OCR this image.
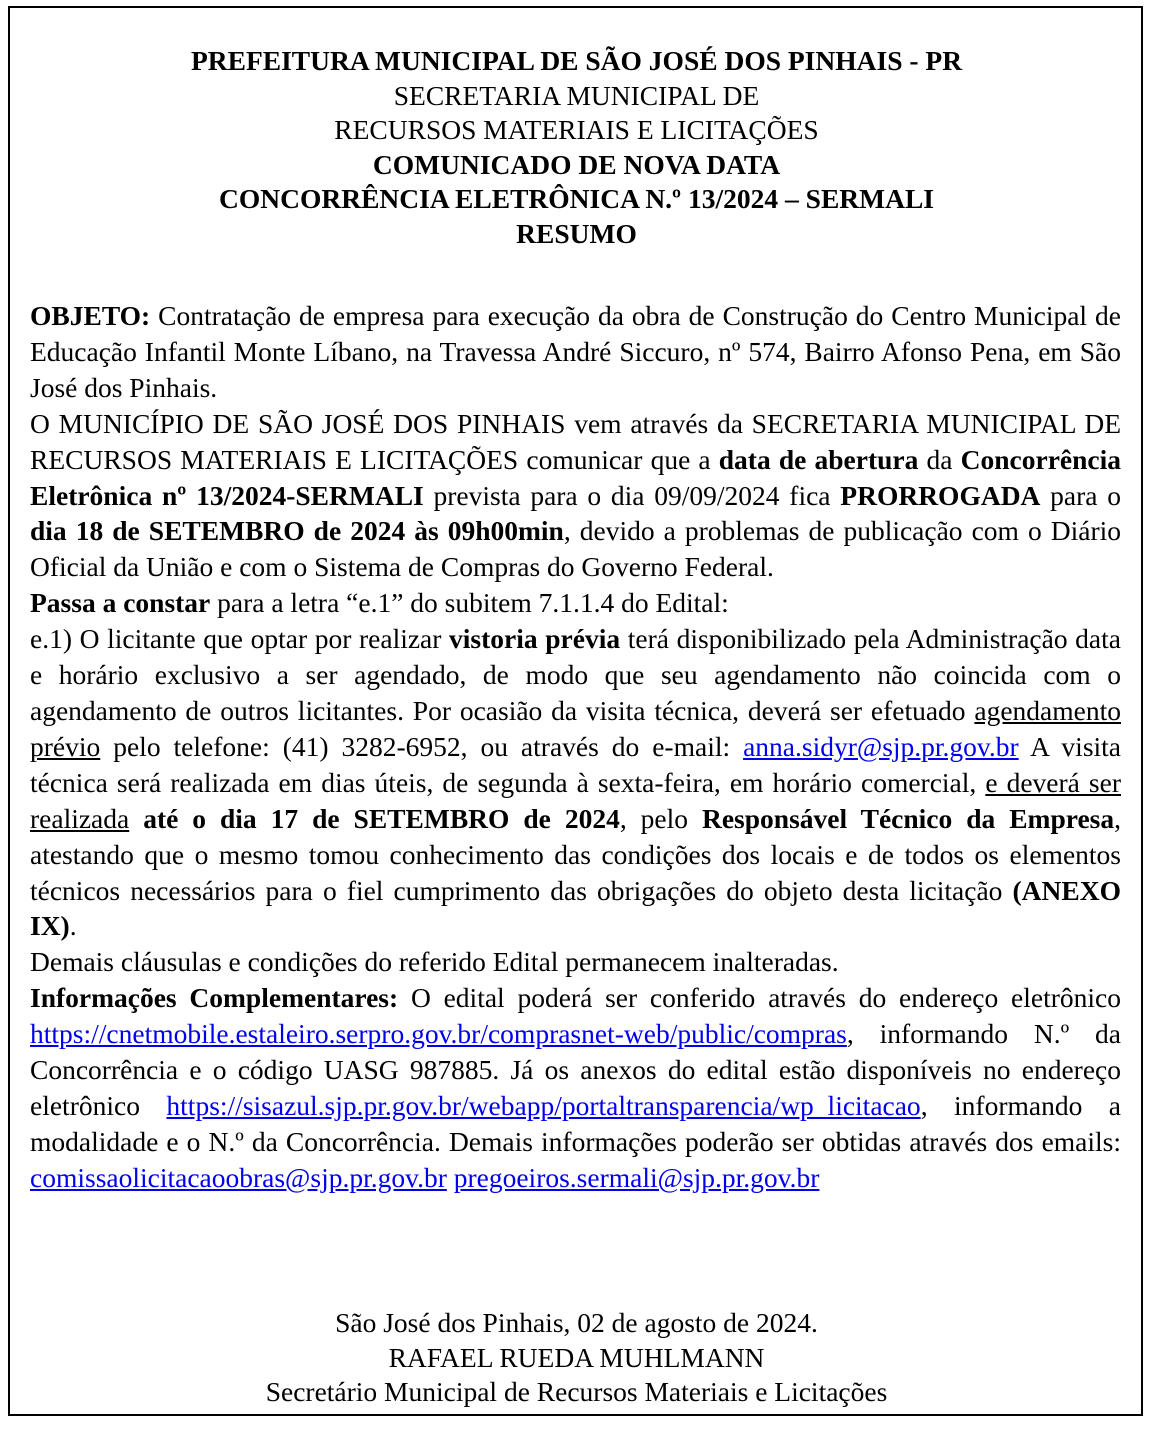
PREFEITURA MUNICIPAL DE SÃO JOSÉ DOS PINHAIS - PR
SECRETARIA MUNICIPAL DE
RECURSOS MATERIAIS E LICITAÇÕES
COMUNICADO DE NOVA DATA
CONCORRÊNCIA ELETRÔNICA N.º 13/2024 – SERMALI
RESUMO

OBJETO: Contratação de empresa para execução da obra de Construção do Centro Municipal de Educação Infantil Monte Líbano, na Travessa André Siccuro, nº 574, Bairro Afonso Pena, em São José dos Pinhais.

O MUNICÍPIO DE SÃO JOSÉ DOS PINHAIS vem através da SECRETARIA MUNICIPAL DE RECURSOS MATERIAIS E LICITAÇÕES comunicar que a data de abertura da Concorrência Eletrônica nº 13/2024-SERMALI prevista para o dia 09/09/2024 fica PRORROGADA para o dia 18 de SETEMBRO de 2024 às 09h00min, devido a problemas de publicação com o Diário Oficial da União e com o Sistema de Compras do Governo Federal.

Passa a constar para a letra “e.1” do subitem 7.1.1.4 do Edital:

e.1) O licitante que optar por realizar vistoria prévia terá disponibilizado pela Administração data e horário exclusivo a ser agendado, de modo que seu agendamento não coincida com o agendamento de outros licitantes. Por ocasião da visita técnica, deverá ser efetuado agendamento prévio pelo telefone: (41) 3282-6952, ou através do e-mail: anna.sidyr@sjp.pr.gov.br A visita técnica será realizada em dias úteis, de segunda à sexta-feira, em horário comercial, e deverá ser realizada até o dia 17 de SETEMBRO de 2024, pelo Responsável Técnico da Empresa, atestando que o mesmo tomou conhecimento das condições dos locais e de todos os elementos técnicos necessários para o fiel cumprimento das obrigações do objeto desta licitação (ANEXO IX).

Demais cláusulas e condições do referido Edital permanecem inalteradas.

Informações Complementares: O edital poderá ser conferido através do endereço eletrônico https://cnetmobile.estaleiro.serpro.gov.br/comprasnet-web/public/compras, informando N.º da Concorrência e o código UASG 987885. Já os anexos do edital estão disponíveis no endereço eletrônico https://sisazul.sjp.pr.gov.br/webapp/portaltransparencia/wp_licitacao, informando a modalidade e o N.º da Concorrência. Demais informações poderão ser obtidas através dos emails: comissaolicitacaoobras@sjp.pr.gov.br pregoeiros.sermali@sjp.pr.gov.br

São José dos Pinhais, 02 de agosto de 2024.
RAFAEL RUEDA MUHLMANN
Secretário Municipal de Recursos Materiais e Licitações
